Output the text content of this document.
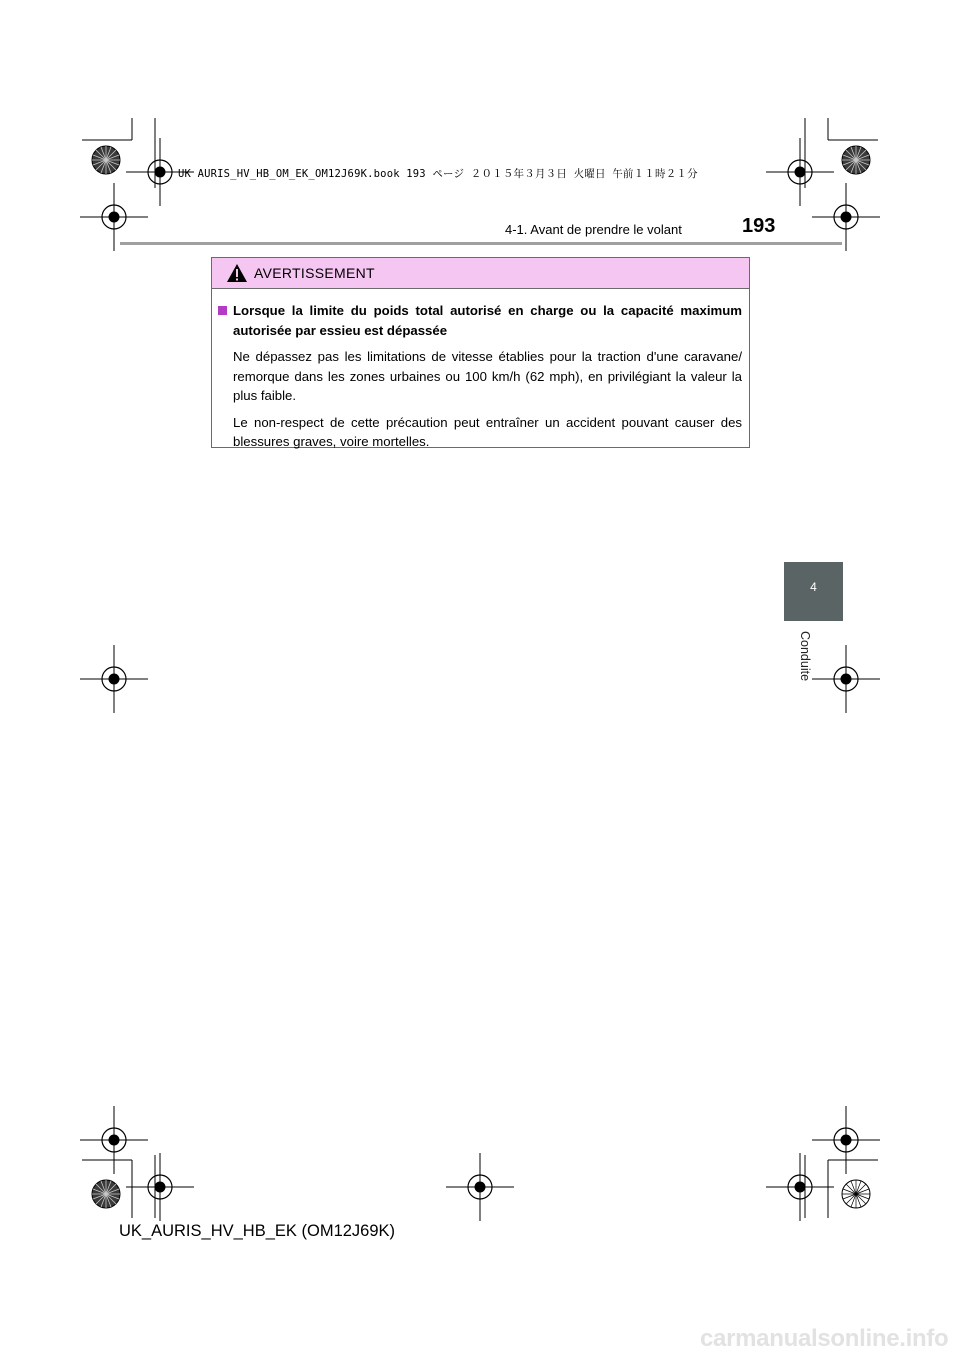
UK AURIS_HV_HB_OM_EK_OM12J69K.book 193 ページ ２０１５年３月３日 火曜日 午前１１時２１分
4-1. Avant de prendre le volant	193
AVERTISSEMENT
Lorsque la limite du poids total autorisé en charge ou la capacité maximum autorisée par essieu est dépassée

Ne dépassez pas les limitations de vitesse établies pour la traction d'une caravane/ remorque dans les zones urbaines ou 100 km/h (62 mph), en privilégiant la valeur la plus faible.

Le non-respect de cette précaution peut entraîner un accident pouvant causer des blessures graves, voire mortelles.

4
Conduite
UK_AURIS_HV_HB_EK (OM12J69K)
carmanualsonline.info
